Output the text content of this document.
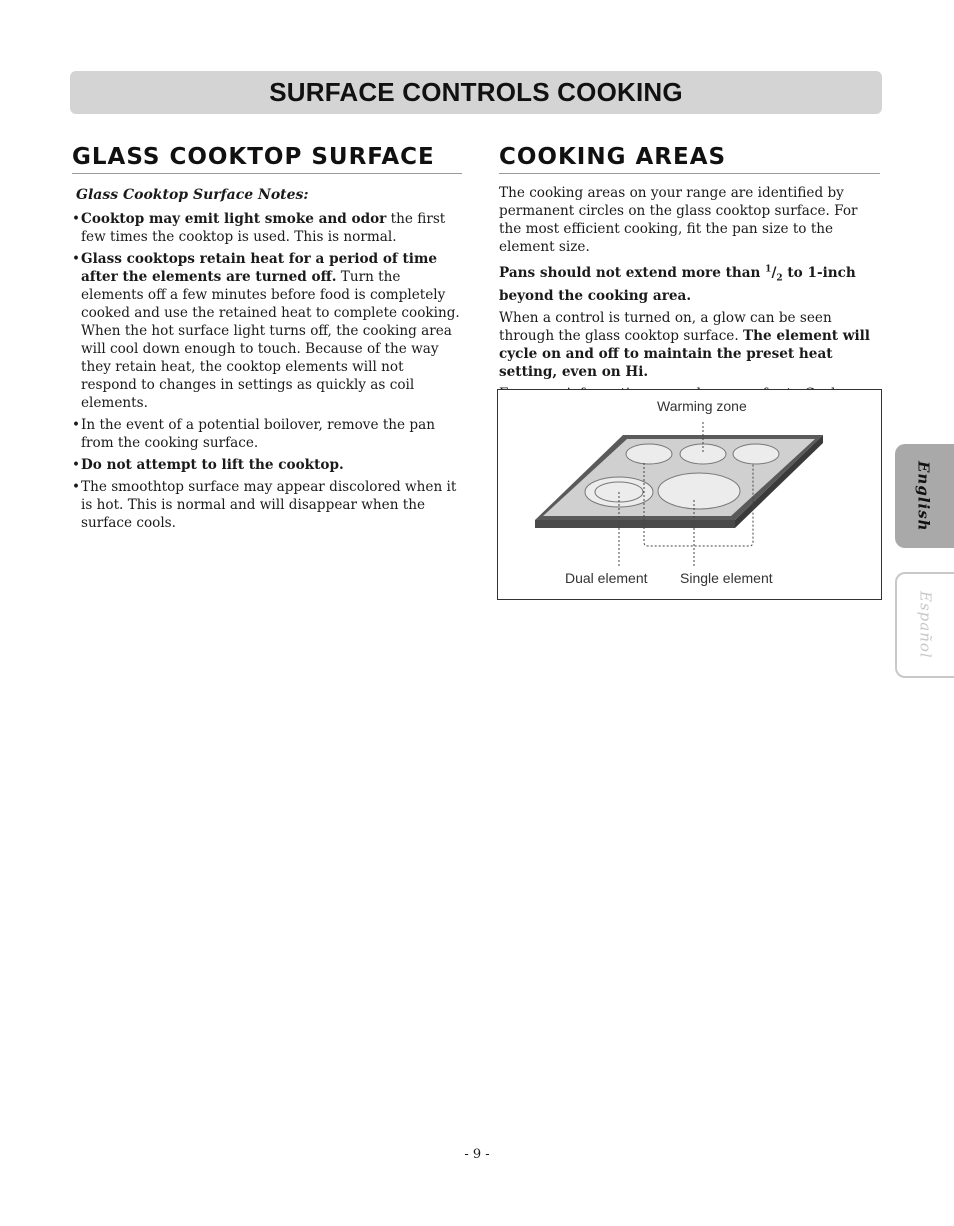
SURFACE CONTROLS COOKING
GLASS COOKTOP SURFACE
Glass Cooktop Surface Notes:
• Cooktop may emit light smoke and odor the first few times the cooktop is used. This is normal.
• Glass cooktops retain heat for a period of time after the elements are turned off. Turn the elements off a few minutes before food is completely cooked and use the retained heat to complete cooking. When the hot surface light turns off, the cooking area will cool down enough to touch. Because of the way they retain heat, the cooktop elements will not respond to changes in settings as quickly as coil elements.
• In the event of a potential boilover, remove the pan from the cooking surface.
• Do not attempt to lift the cooktop.
• The smoothtop surface may appear discolored when it is hot. This is normal and will disappear when the surface cools.
COOKING AREAS

The cooking areas on your range are identified by permanent circles on the glass cooktop surface. For the most efficient cooking, fit the pan size to the element size.

Pans should not extend more than $^1/_2$ to 1-inch beyond the cooking area.

When a control is turned on, a glow can be seen through the glass cooktop surface. The element will cycle on and off to maintain the preset heat setting, even on Hi.

Warming zone
Dual element Single element
English
Español
- 9 -
